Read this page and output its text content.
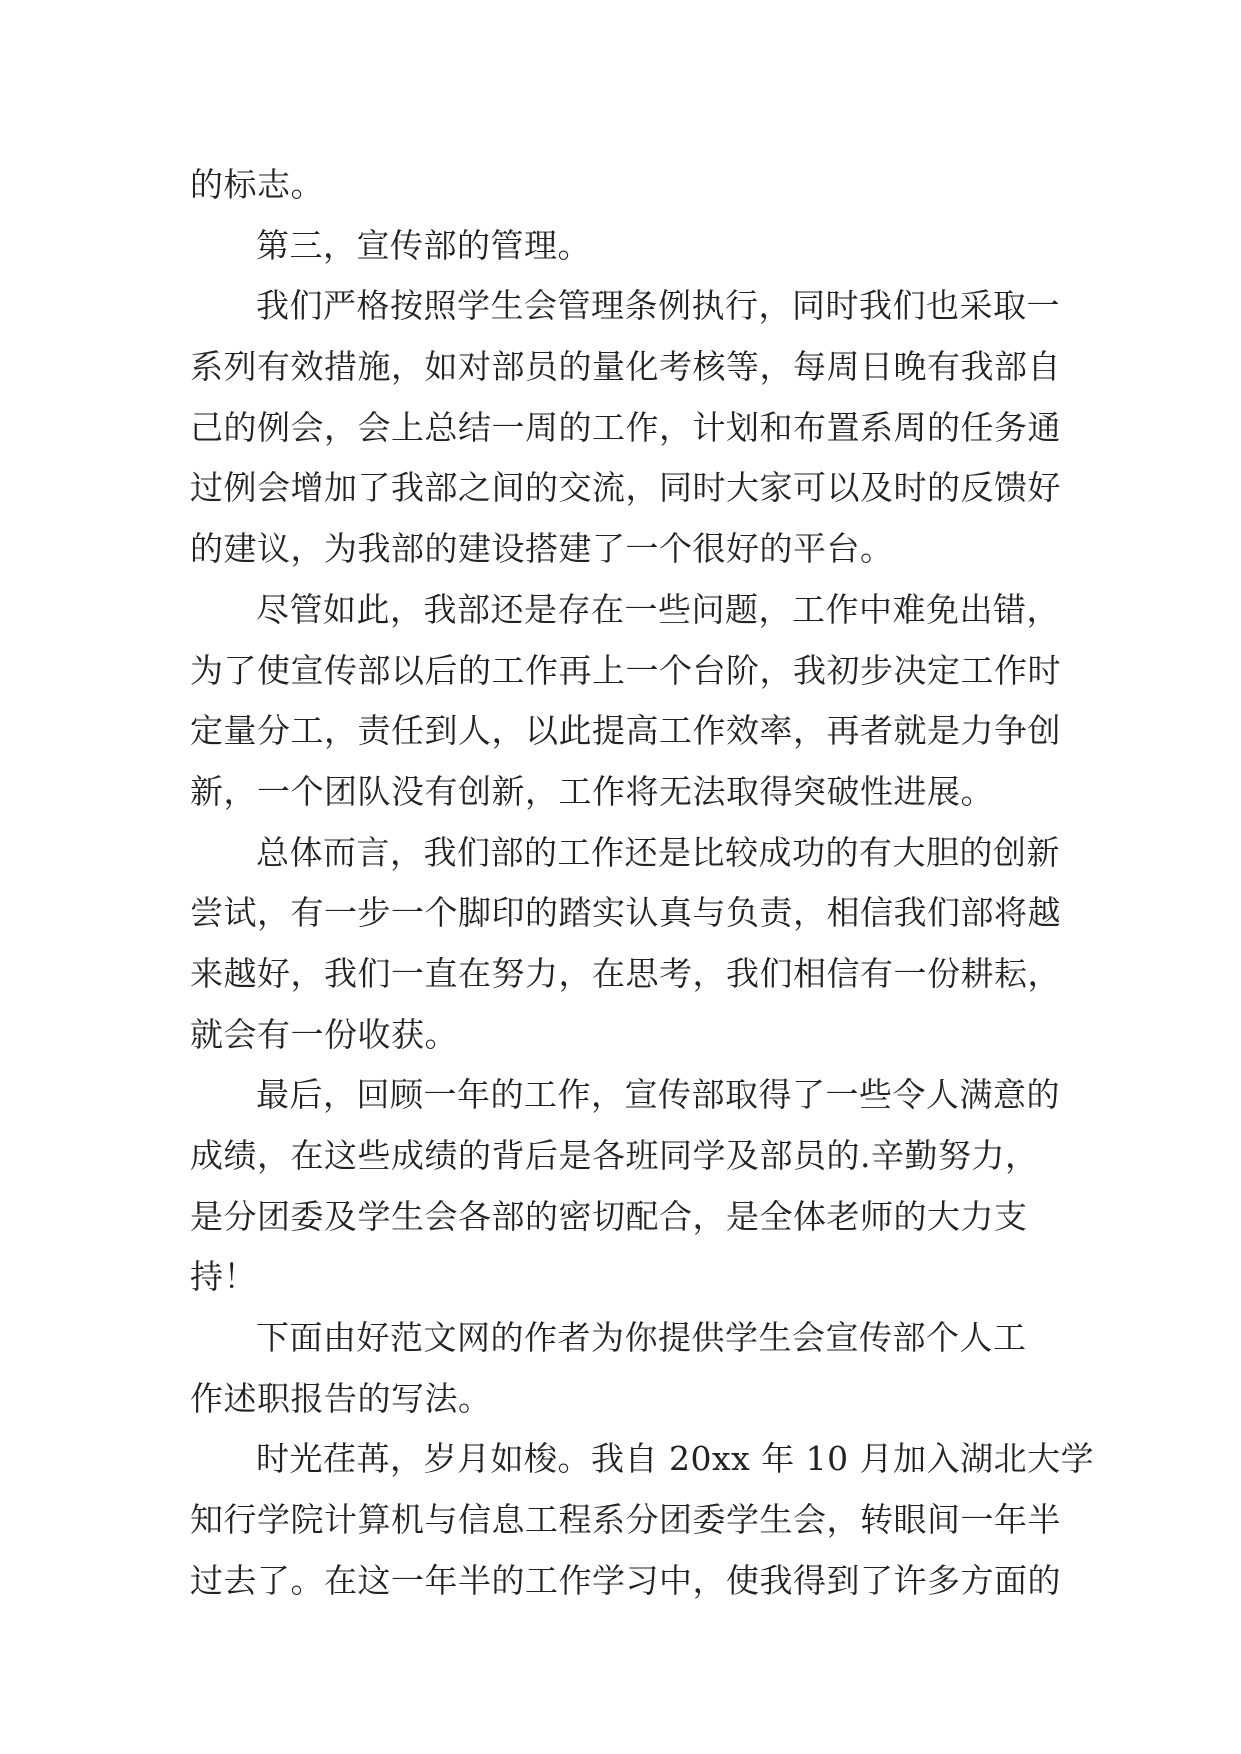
的标志。
第三，宣传部的管理。
我们严格按照学生会管理条例执行，同时我们也采取一
系列有效措施，如对部员的量化考核等，每周日晚有我部自
己的例会，会上总结一周的工作，计划和布置系周的任务通
过例会增加了我部之间的交流，同时大家可以及时的反馈好
的建议，为我部的建设搭建了一个很好的平台。
尽管如此，我部还是存在一些问题，工作中难免出错，
为了使宣传部以后的工作再上一个台阶，我初步决定工作时
定量分工，责任到人，以此提高工作效率，再者就是力争创
新，一个团队没有创新，工作将无法取得突破性进展。
总体而言，我们部的工作还是比较成功的有大胆的创新
尝试，有一步一个脚印的踏实认真与负责，相信我们部将越
来越好，我们一直在努力，在思考，我们相信有一份耕耘，
就会有一份收获。
最后，回顾一年的工作，宣传部取得了一些令人满意的
成绩，在这些成绩的背后是各班同学及部员的.辛勤努力，
是分团委及学生会各部的密切配合，是全体老师的大力支
持！
下面由好范文网的作者为你提供学生会宣传部个人工
作述职报告的写法。
时光荏苒，岁月如梭。我自 20xx 年 10 月加入湖北大学
知行学院计算机与信息工程系分团委学生会，转眼间一年半
过去了。在这一年半的工作学习中，使我得到了许多方面的
